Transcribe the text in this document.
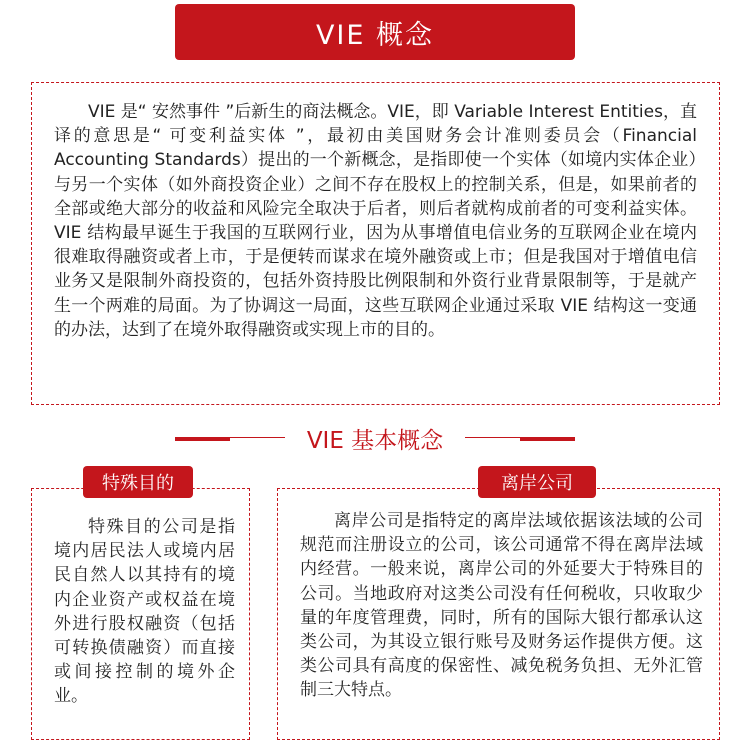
VIE 概念

VIE 是“ 安然事件 ”后新生的商法概念。VIE，即 Variable Interest Entities，直译的意思是“ 可变利益实体 ”，最初由美国财务会计准则委员会（Financial Accounting Standards）提出的一个新概念，是指即使一个实体（如境内实体企业）与另一个实体（如外商投资企业）之间不存在股权上的控制关系，但是，如果前者的全部或绝大部分的收益和风险完全取决于后者，则后者就构成前者的可变利益实体。VIE 结构最早诞生于我国的互联网行业，因为从事增值电信业务的互联网企业在境内很难取得融资或者上市，于是便转而谋求在境外融资或上市；但是我国对于增值电信业务又是限制外商投资的，包括外资持股比例限制和外资行业背景限制等，于是就产生一个两难的局面。为了协调这一局面，这些互联网企业通过采取 VIE 结构这一变通的办法，达到了在境外取得融资或实现上市的目的。

VIE 基本概念
特殊目的

特殊目的公司是指境内居民法人或境内居民自然人以其持有的境内企业资产或权益在境外进行股权融资（包括可转换债融资）而直接或间接控制的境外企业。

离岸公司

离岸公司是指特定的离岸法域依据该法域的公司规范而注册设立的公司，该公司通常不得在离岸法域内经营。一般来说，离岸公司的外延要大于特殊目的公司。当地政府对这类公司没有任何税收，只收取少量的年度管理费，同时，所有的国际大银行都承认这类公司，为其设立银行账号及财务运作提供方便。这类公司具有高度的保密性、减免税务负担、无外汇管制三大特点。
